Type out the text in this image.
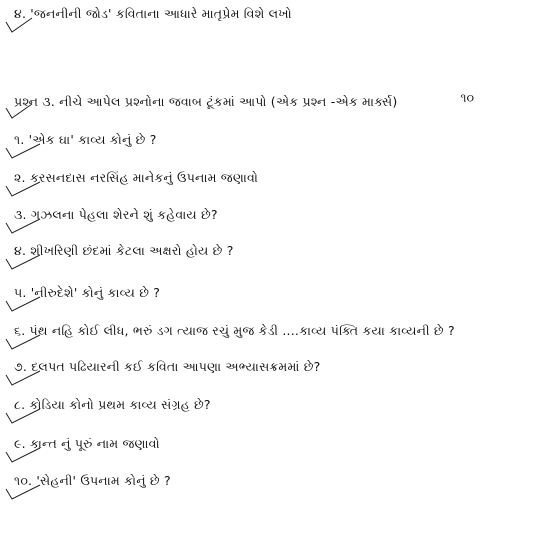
૪. 'જનનીની જોડ' કવિતાના આધારે માતૃપ્રેમ વિશે લખો
પ્રશ્ન ૩. નીચે આપેલ પ્રશ્નોના જવાબ ટૂંકમાં આપો (એક પ્રશ્ન -એક માર્ક્સ)	૧૦
૧. 'એક ઘા' કાવ્ય કોનું છે ?
૨. કરસનદાસ નરસિંહ માનેકનું ઉપનામ જણાવો
૩. ગઝલના પેહલા શેરને શું કહેવાય છે?
૪. શીખરિણી છંદમાં કેટલા અક્ષરો હોય છે ?
૫. 'નીરુદેશે' કોનું કાવ્ય છે ?
૬. પંથ નહિ કોઈ લીધ, ભરું ડગ ત્યાજ રચું મુજ કેડી ....કાવ્ય પંક્તિ કયા કાવ્યની છે ?
૭. દલપત પઢિયારની કઈ કવિતા આપણા અભ્યાસક્રમમાં છે?
૮. કોડિયા કોનો પ્રથમ કાવ્ય સંગ્રહ છે?
૯. કાન્ત નું પૂરું નામ જણાવો
૧૦. 'સેહની' ઉપનામ કોનું છે ?
